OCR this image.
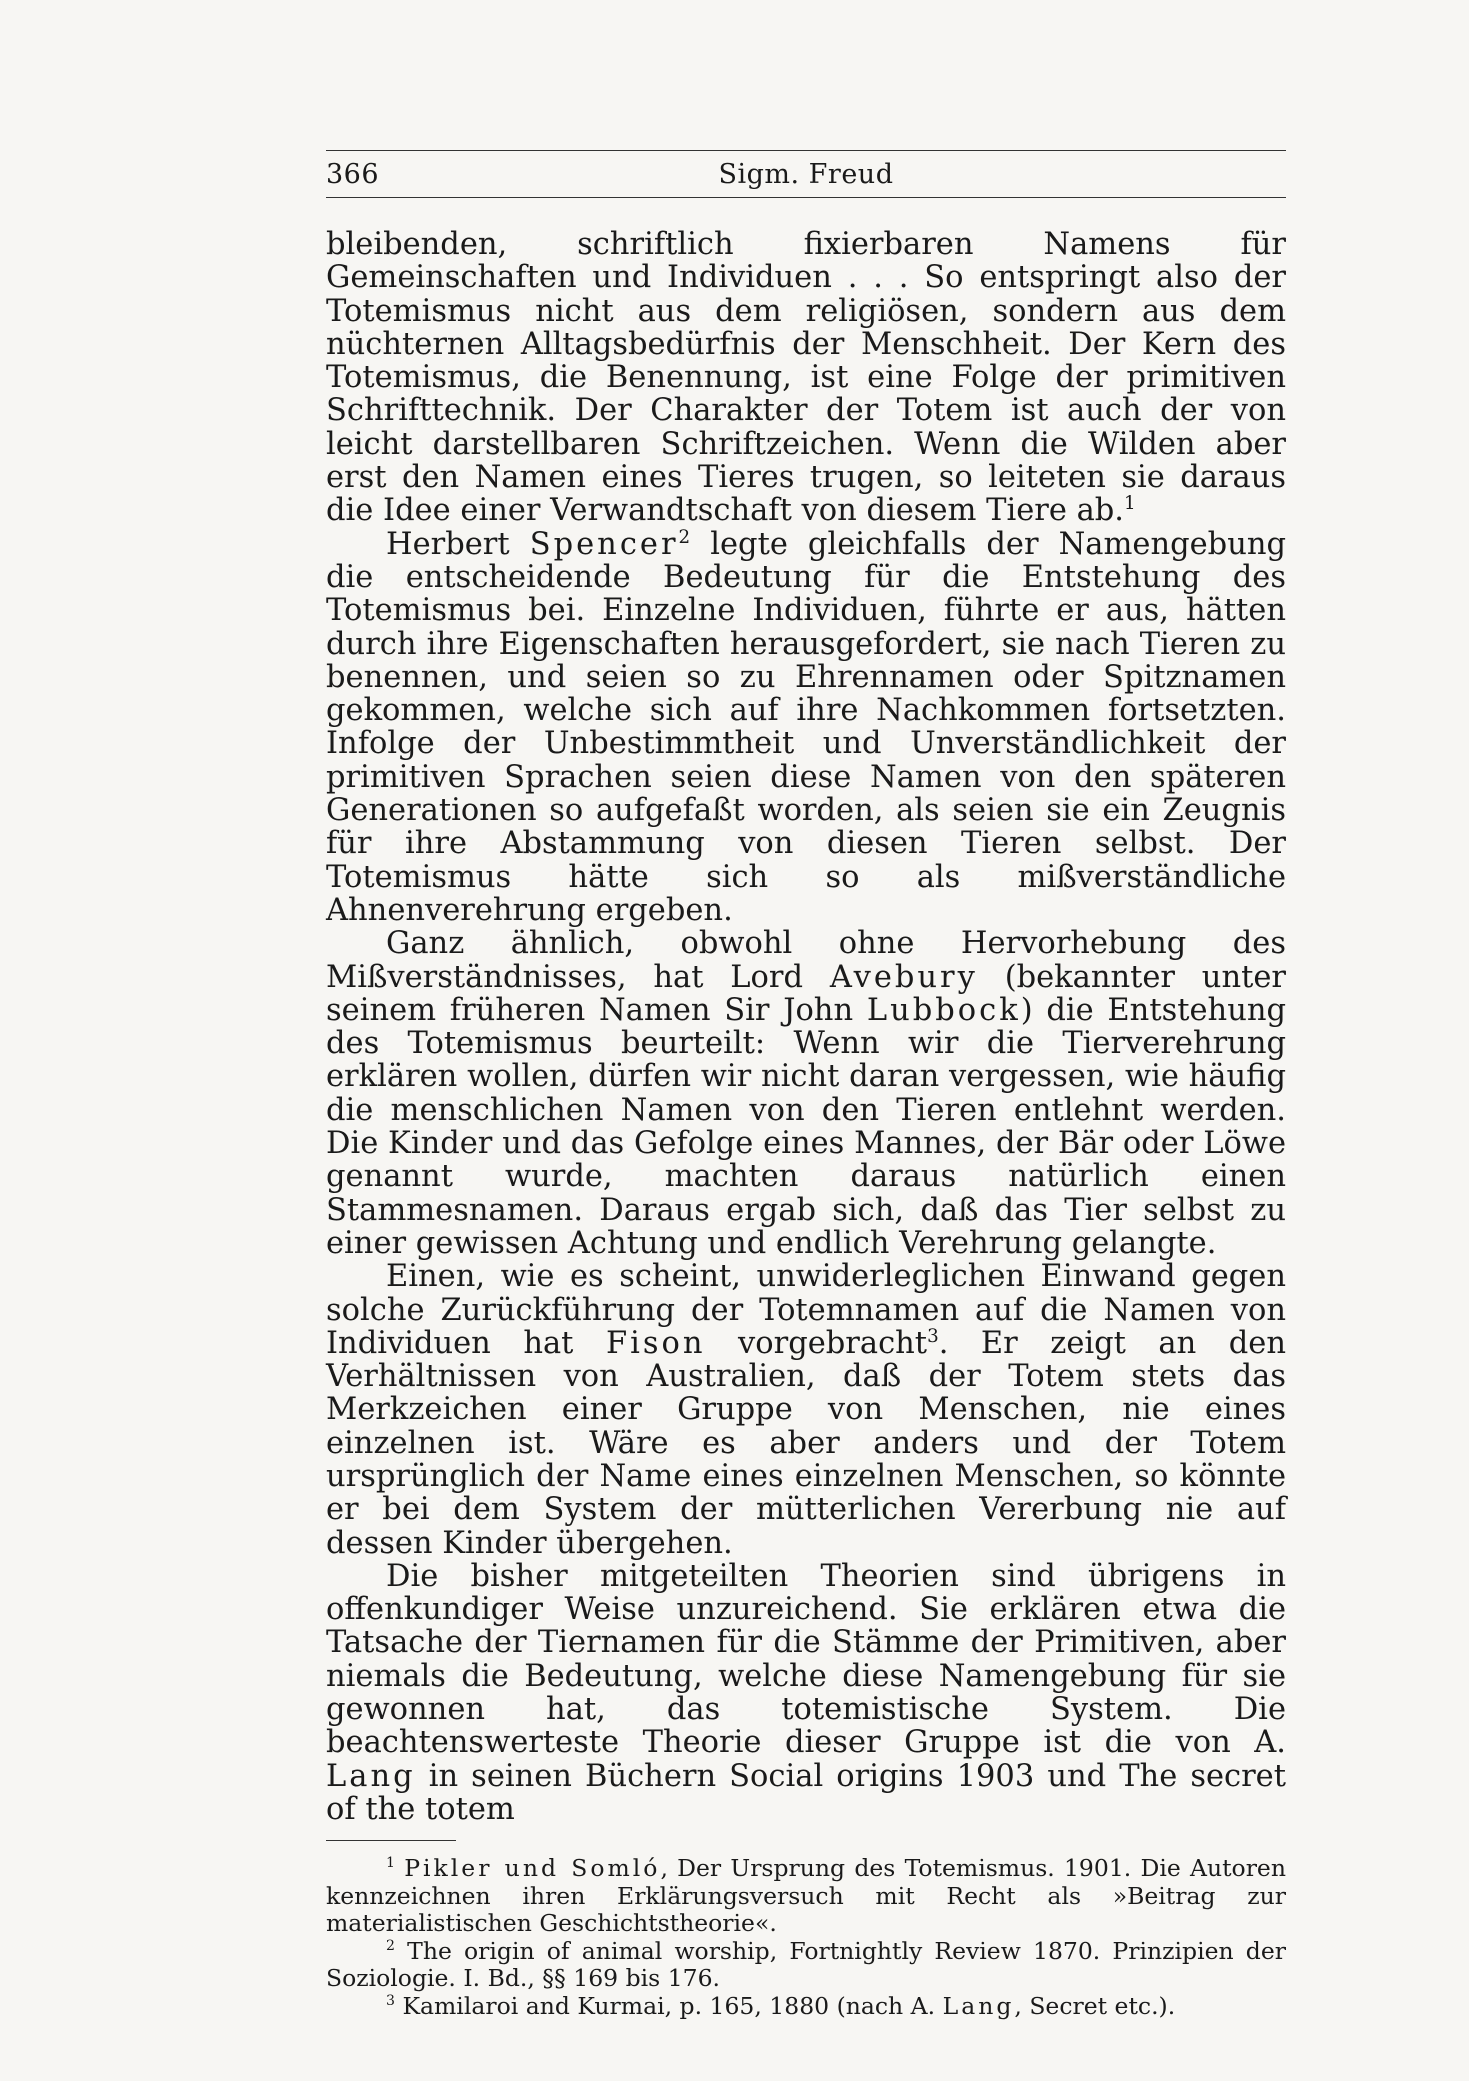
366	Sigm. Freud

bleibenden, schriftlich fixierbaren Namens für Gemeinschaften und Individuen . . . So entspringt also der Totemismus nicht aus dem religiösen, sondern aus dem nüchternen Alltagsbedürfnis der Menschheit. Der Kern des Totemismus, die Benennung, ist eine Folge der primitiven Schrifttechnik. Der Charakter der Totem ist auch der von leicht darstellbaren Schriftzeichen. Wenn die Wilden aber erst den Namen eines Tieres trugen, so leiteten sie daraus die Idee einer Verwandtschaft von diesem Tiere ab.$^1$

Herbert Spencer$^2$ legte gleichfalls der Namengebung die entscheidende Bedeutung für die Entstehung des Totemismus bei. Einzelne Individuen, führte er aus, hätten durch ihre Eigenschaften herausgefordert, sie nach Tieren zu benennen, und seien so zu Ehrennamen oder Spitznamen gekommen, welche sich auf ihre Nachkommen fortsetzten. Infolge der Unbestimmtheit und Unverständlichkeit der primitiven Sprachen seien diese Namen von den späteren Generationen so aufgefaßt worden, als seien sie ein Zeugnis für ihre Abstammung von diesen Tieren selbst. Der Totemismus hätte sich so als mißverständliche Ahnenverehrung ergeben.

Ganz ähnlich, obwohl ohne Hervorhebung des Mißverständnisses, hat Lord Avebury (bekannter unter seinem früheren Namen Sir John Lubbock) die Entstehung des Totemismus beurteilt: Wenn wir die Tierverehrung erklären wollen, dürfen wir nicht daran vergessen, wie häufig die menschlichen Namen von den Tieren entlehnt werden. Die Kinder und das Gefolge eines Mannes, der Bär oder Löwe genannt wurde, machten daraus natürlich einen Stammesnamen. Daraus ergab sich, daß das Tier selbst zu einer gewissen Achtung und endlich Verehrung gelangte.

Einen, wie es scheint, unwiderleglichen Einwand gegen solche Zurückführung der Totemnamen auf die Namen von Individuen hat Fison vorgebracht$^3$. Er zeigt an den Verhältnissen von Australien, daß der Totem stets das Merkzeichen einer Gruppe von Menschen, nie eines einzelnen ist. Wäre es aber anders und der Totem ursprünglich der Name eines einzelnen Menschen, so könnte er bei dem System der mütterlichen Vererbung nie auf dessen Kinder übergehen.

Die bisher mitgeteilten Theorien sind übrigens in offenkundiger Weise unzureichend. Sie erklären etwa die Tatsache der Tiernamen für die Stämme der Primitiven, aber niemals die Bedeutung, welche diese Namengebung für sie gewonnen hat, das totemistische System. Die beachtenswerteste Theorie dieser Gruppe ist die von A. Lang in seinen Büchern Social origins 1903 und The secret of the totem

$^1$ Pikler und Somló, Der Ursprung des Totemismus. 1901. Die Autoren kennzeichnen ihren Erklärungsversuch mit Recht als »Beitrag zur materialistischen Geschichtstheorie«.

$^2$ The origin of animal worship, Fortnightly Review 1870. Prinzipien der Soziologie. I. Bd., §§ 169 bis 176.

$^3$ Kamilaroi and Kurmai, p. 165, 1880 (nach A. Lang, Secret etc.).
